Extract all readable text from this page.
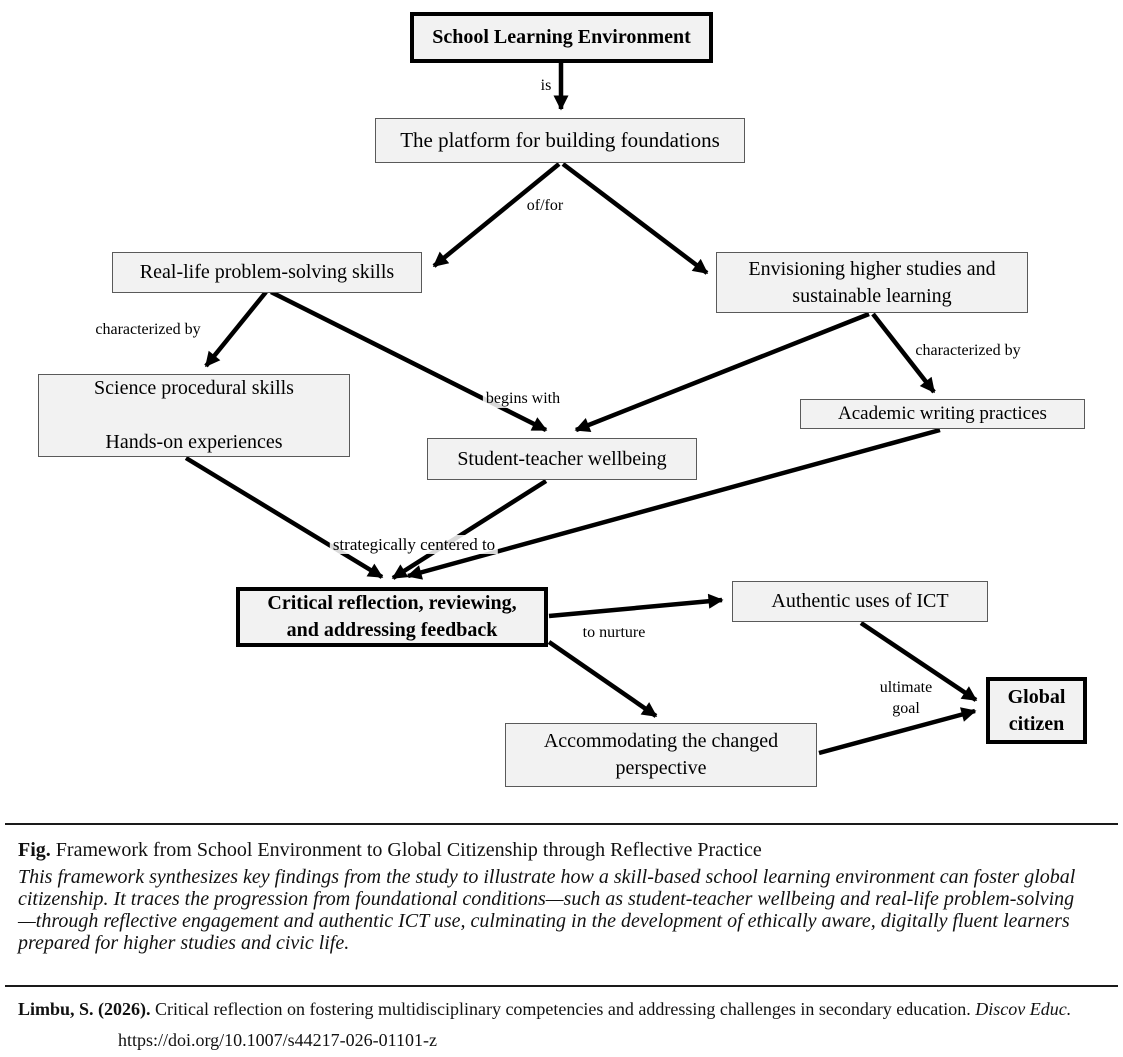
School Learning Environment
The platform for building foundations
Real-life problem-solving skills	Envisioning higher studies and
sustainable learning
Science procedural skills

Hands-on experiences
Student-teacher wellbeing
Academic writing practices
Critical reflection, reviewing,
and addressing feedback
Authentic uses of ICT
Accommodating the changed
perspective
Global
citizen
is
of/for
characterized by
begins with
characterized by
strategically centered to
to nurture
ultimate
goal

Fig. Framework from School Environment to Global Citizenship through Reflective Practice

This framework synthesizes key findings from the study to illustrate how a skill-based school learning environment can foster global citizenship. It traces the progression from foundational conditions—such as student-teacher wellbeing and real-life problem-solving—through reflective engagement and authentic ICT use, culminating in the development of ethically aware, digitally fluent learners prepared for higher studies and civic life.

Limbu, S. (2026). Critical reflection on fostering multidisciplinary competencies and addressing challenges in secondary education. Discov Educ. https://doi.org/10.1007/s44217-026-01101-z
